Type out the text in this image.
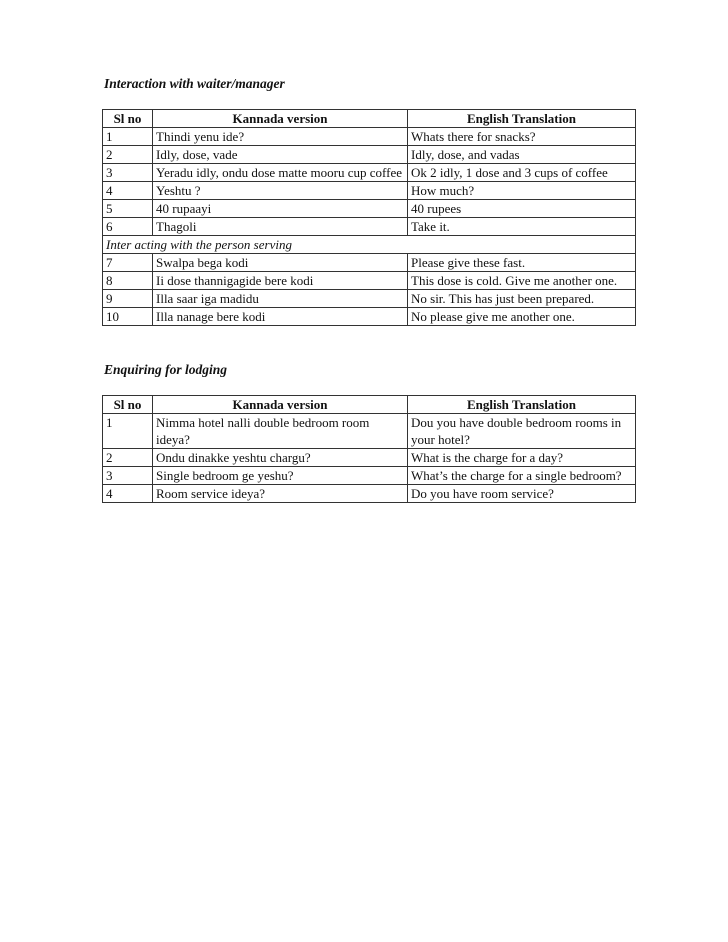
Interaction with waiter/manager
Sl no	Kannada version	English Translation
1	Thindi yenu ide?	Whats there for snacks?
2	Idly, dose, vade	Idly, dose, and vadas
3	Yeradu idly, ondu dose matte mooru cup coffee	Ok 2 idly, 1 dose and 3 cups of coffee
4	Yeshtu ?	How much?
5	40 rupaayi	40 rupees
6	Thagoli	Take it.
Inter acting with the person serving		
7	Swalpa bega kodi	Please give these fast.
8	Ii dose thannigagide bere kodi	This dose is cold. Give me another one.
9	Illa saar iga madidu	No sir. This has just been prepared.
10	Illa nanage bere kodi	No please give me another one.
Enquiring for lodging
Sl no	Kannada version	English Translation
1	Nimma hotel nalli double bedroom room ideya?	Dou you have double bedroom rooms in your hotel?
2	Ondu dinakke yeshtu chargu?	What is the charge for a day?
3	Single bedroom ge yeshu?	What’s the charge for a single bedroom?
4	Room service ideya?	Do you have room service?
